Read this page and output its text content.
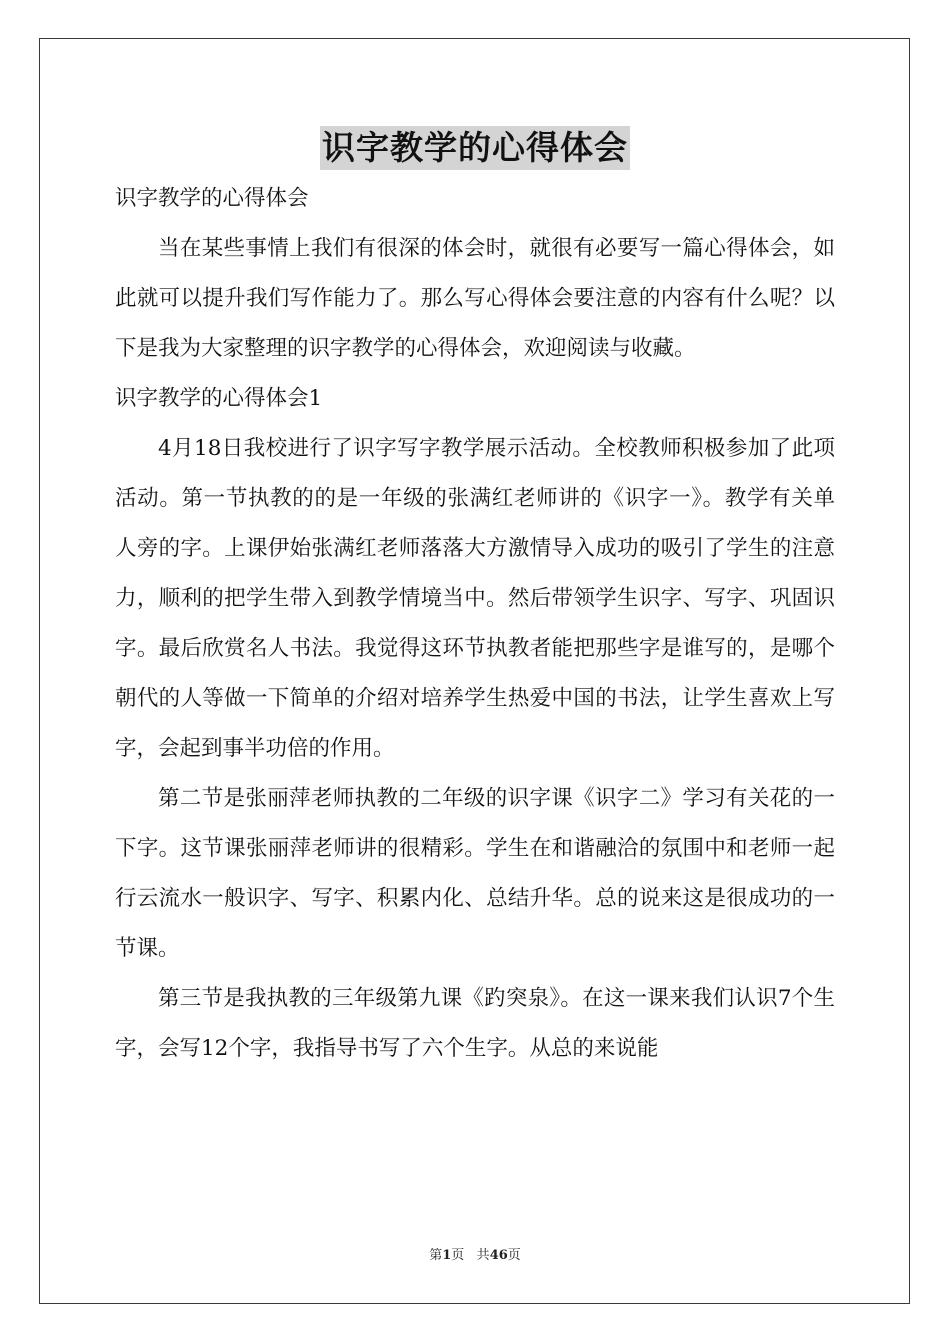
识字教学的心得体会

识字教学的心得体会

当在某些事情上我们有很深的体会时，就很有必要写一篇心得体会，如此就可以提升我们写作能力了。那么写心得体会要注意的内容有什么呢？以下是我为大家整理的识字教学的心得体会，欢迎阅读与收藏。

识字教学的心得体会1

4月18日我校进行了识字写字教学展示活动。全校教师积极参加了此项活动。第一节执教的的是一年级的张满红老师讲的《识字一》。教学有关单人旁的字。上课伊始张满红老师落落大方激情导入成功的吸引了学生的注意力，顺利的把学生带入到教学情境当中。然后带领学生识字、写字、巩固识字。最后欣赏名人书法。我觉得这环节执教者能把那些字是谁写的，是哪个朝代的人等做一下简单的介绍对培养学生热爱中国的书法，让学生喜欢上写字，会起到事半功倍的作用。

第二节是张丽萍老师执教的二年级的识字课《识字二》学习有关花的一下字。这节课张丽萍老师讲的很精彩。学生在和谐融洽的氛围中和老师一起行云流水一般识字、写字、积累内化、总结升华。总的说来这是很成功的一节课。

第三节是我执教的三年级第九课《趵突泉》。在这一课来我们认识7个生字，会写12个字，我指导书写了六个生字。从总的来说能

第1页 共46页
